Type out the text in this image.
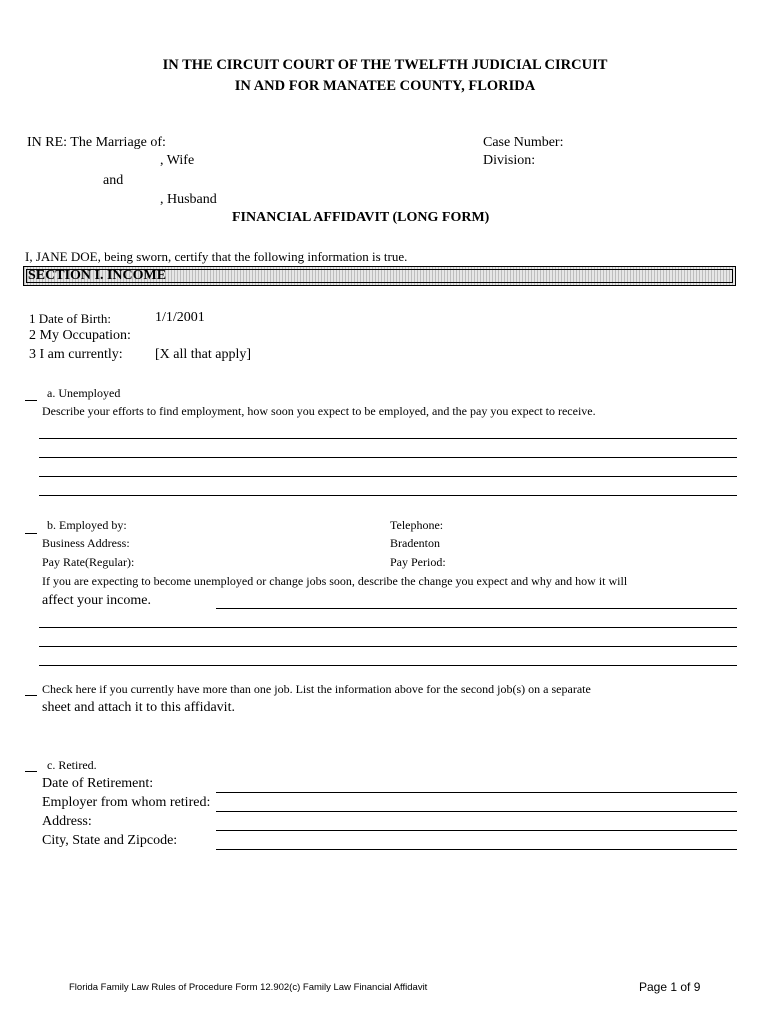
IN THE CIRCUIT COURT OF THE TWELFTH JUDICIAL CIRCUIT
IN AND FOR MANATEE COUNTY, FLORIDA
IN RE: The Marriage of:
, Wife
and
, Husband
Case Number:
Division:
FINANCIAL AFFIDAVIT (LONG FORM)
I, JANE DOE, being sworn, certify that the following information is true.
SECTION I. INCOME
1 Date of Birth:	1/1/2001
2 My Occupation:
3 I am currently: [X all that apply]
a. Unemployed
Describe your efforts to find employment, how soon you expect to be employed, and the pay you expect to receive.
b. Employed by:	Telephone:
Business Address:	Bradenton
Pay Rate(Regular):	Pay Period:
If you are expecting to become unemployed or change jobs soon, describe the change you expect and why and how it will
affect your income.
Check here if you currently have more than one job. List the information above for the second job(s) on a separate
sheet and attach it to this affidavit.
c. Retired.
Date of Retirement:
Employer from whom retired:
Address:
City, State and Zipcode:
Florida Family Law Rules of Procedure Form 12.902(c) Family Law Financial Affidavit	Page 1 of 9
